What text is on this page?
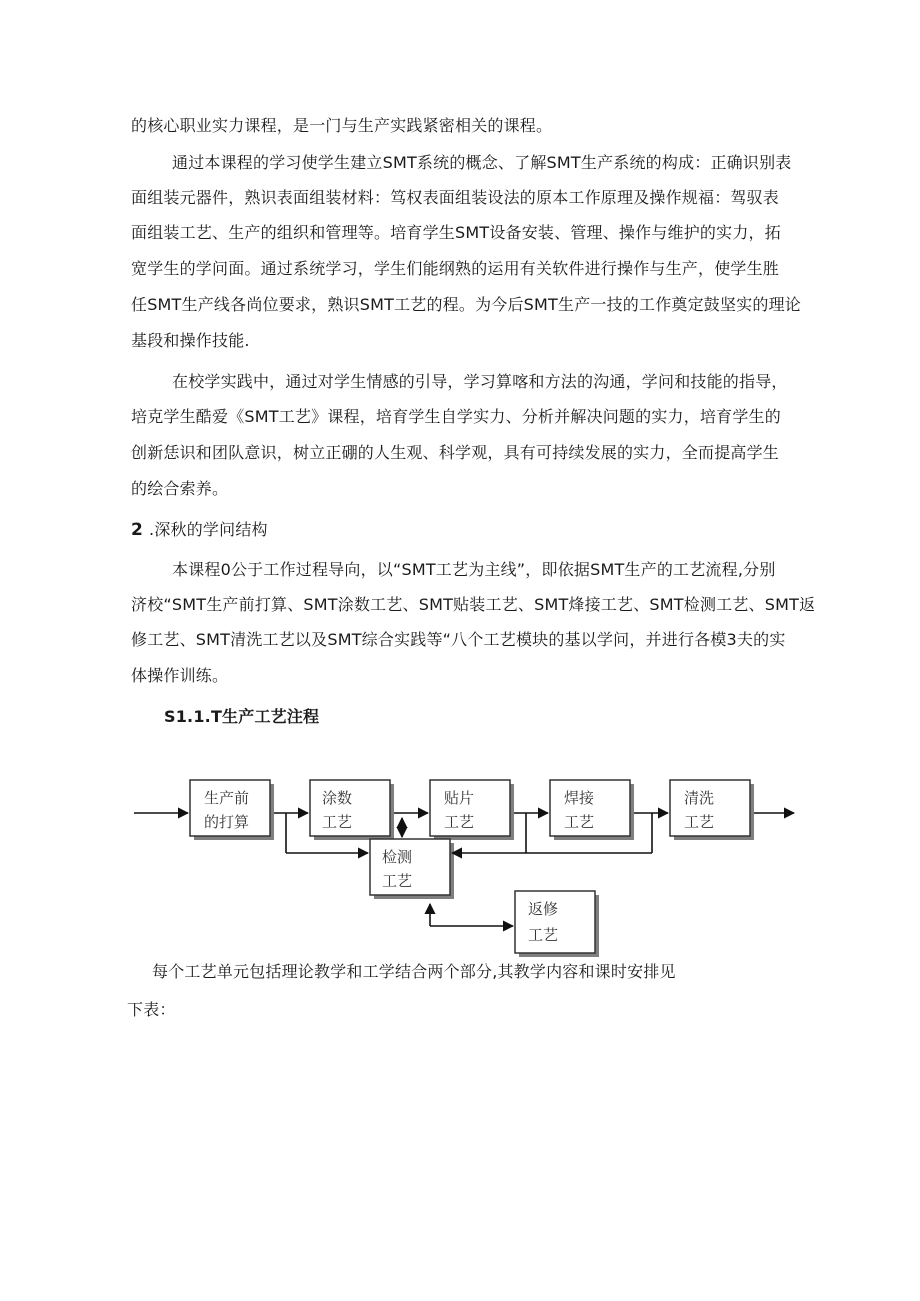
的核心职业实力课程，是一门与生产实践紧密相关的课程。
通过本课程的学习使学生建立SMT系统的概念、了解SMT生产系统的构成：正确识别表
面组装元器件，熟识表面组装材料：笃权表面组装设法的原本工作原理及操作规福：驾驭表
面组装工艺、生产的组织和管理等。培育学生SMT设备安装、管理、操作与维护的实力，拓
宽学生的学问面。通过系统学习，学生们能纲熟的运用有关软件进行操作与生产，使学生胜
任SMT生产线各尚位要求，熟识SMT工艺的程。为今后SMT生产一技的工作奠定鼓坚实的理论
基段和操作技能.
在校学实践中，通过对学生情感的引导，学习算喀和方法的沟通，学问和技能的指导，
培克学生酷爱《SMT工艺》课程，培育学生自学实力、分析并解决问题的实力，培育学生的
创新恁识和团队意识，树立正硼的人生观、科学观，具有可持续发展的实力，全而提高学生
的绘合索养。
2 .深秋的学问结构
本课程0公于工作过程导向，以“SMT工艺为主线”，即依据SMT生产的工艺流程,分别
济校“SMT生产前打算、SMT涂数工艺、SMT贴装工艺、SMT烽接工艺、SMT检测工艺、SMT返
修工艺、SMT清洗工艺以及SMT综合实践等“八个工艺模块的基以学问，并进行各模3夫的实
体操作训练。
S1.1.T生产工艺注程
生产前
的打算
涂数
工艺
贴片
工艺
焊接
工艺
清洗
工艺
检测
工艺
返修
工艺
每个工艺单元包括理论教学和工学结合两个部分,其教学内容和课时安排见
下表：
